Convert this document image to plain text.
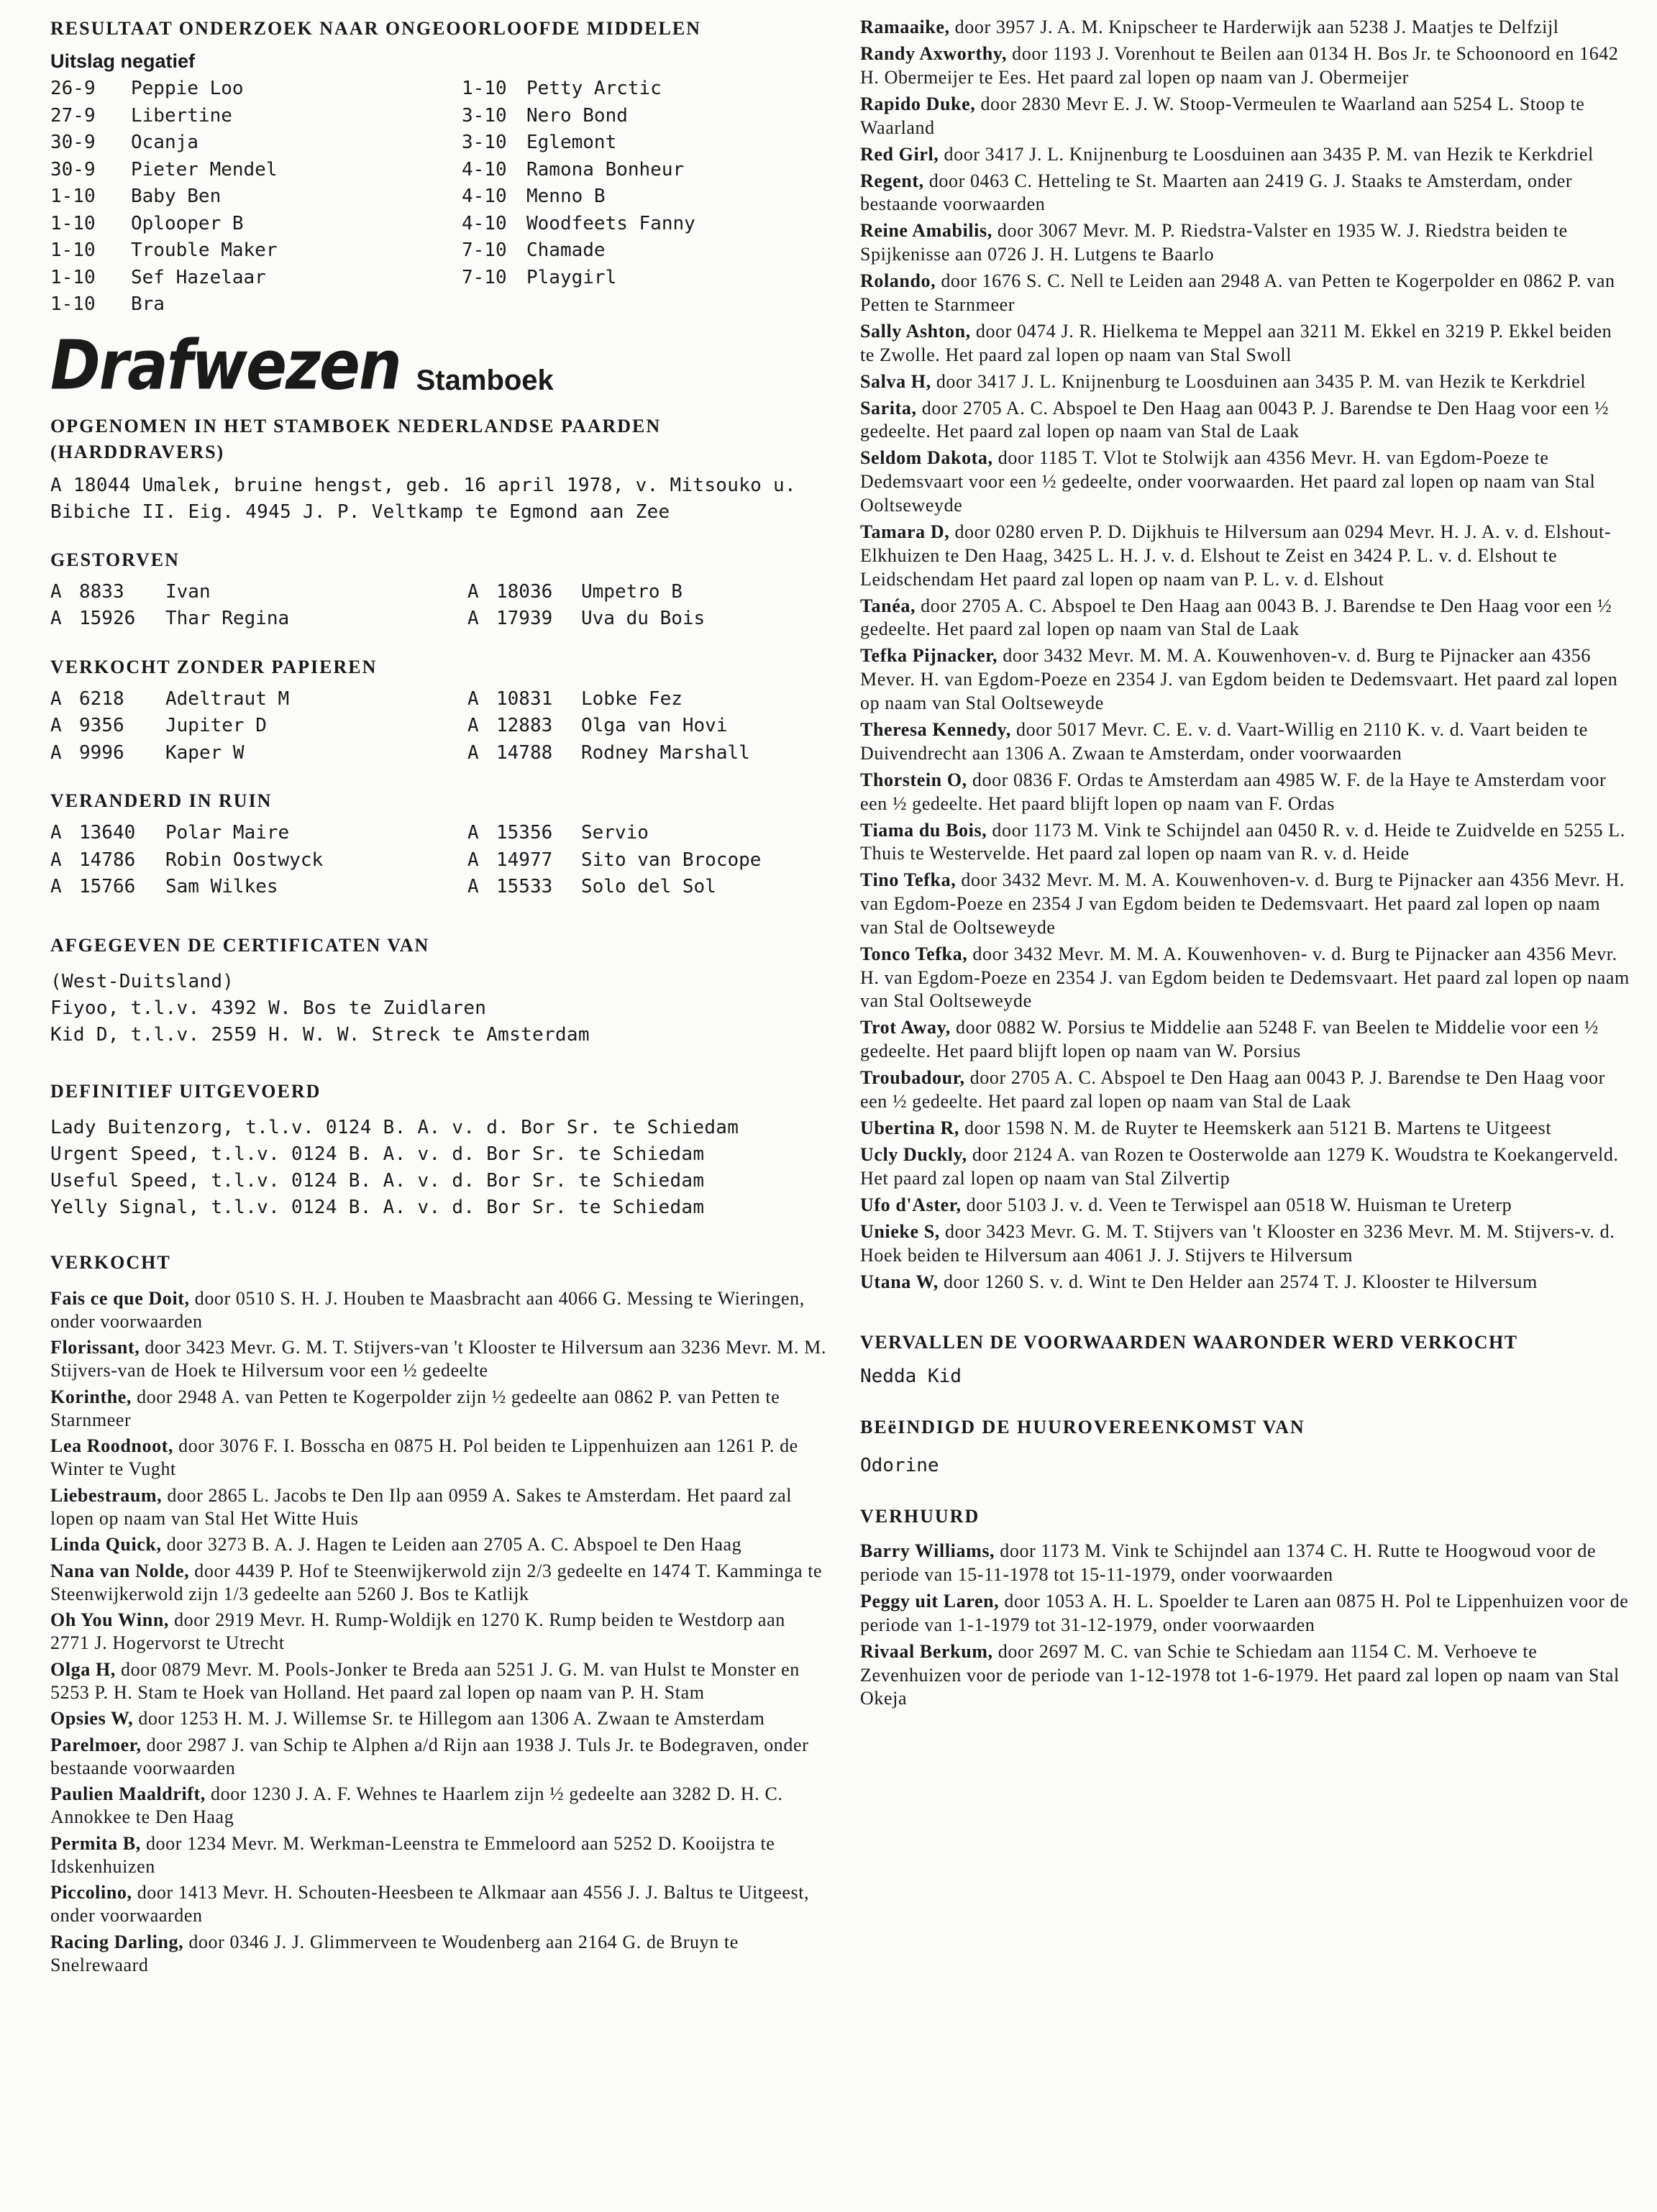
RESULTAAT ONDERZOEK NAAR ONGEOORLOOFDE MIDDELEN
Uitslag negatief
26-9	Peppie Loo	1-10	Petty Arctic
27-9	Libertine	3-10	Nero Bond
30-9	Ocanja	3-10	Eglemont
30-9	Pieter Mendel	4-10	Ramona Bonheur
1-10	Baby Ben	4-10	Menno B
1-10	Oplooper B	4-10	Woodfeets Fanny
1-10	Trouble Maker	7-10	Chamade
1-10	Sef Hazelaar	7-10	Playgirl
1-10	Bra		
Drafwezen Stamboek
OPGENOMEN IN HET STAMBOEK NEDERLANDSE PAARDEN (HARDDRAVERS)

A 18044 Umalek, bruine hengst, geb. 16 april 1978, v. Mitsouko u. Bibiche II. Eig. 4945 J. P. Veltkamp te Egmond aan Zee

GESTORVEN
A	8833	Ivan	A	18036	Umpetro B
A	15926	Thar Regina	A	17939	Uva du Bois
VERKOCHT ZONDER PAPIEREN
A	6218	Adeltraut M	A	10831	Lobke Fez
A	9356	Jupiter D	A	12883	Olga van Hovi
A	9996	Kaper W	A	14788	Rodney Marshall
VERANDERD IN RUIN
A	13640	Polar Maire	A	15356	Servio
A	14786	Robin Oostwyck	A	14977	Sito van Brocope
A	15766	Sam Wilkes	A	15533	Solo del Sol
AFGEGEVEN DE CERTIFICATEN VAN

(West-Duitsland)

Fiyoo, t.l.v. 4392 W. Bos te Zuidlaren

Kid D, t.l.v. 2559 H. W. W. Streck te Amsterdam

DEFINITIEF UITGEVOERD

Lady Buitenzorg, t.l.v. 0124 B. A. v. d. Bor Sr. te Schiedam

Urgent Speed, t.l.v. 0124 B. A. v. d. Bor Sr. te Schiedam

Useful Speed, t.l.v. 0124 B. A. v. d. Bor Sr. te Schiedam

Yelly Signal, t.l.v. 0124 B. A. v. d. Bor Sr. te Schiedam

VERKOCHT

Fais ce que Doit, door 0510 S. H. J. Houben te Maasbracht aan 4066 G. Messing te Wieringen, onder voorwaarden

Florissant, door 3423 Mevr. G. M. T. Stijvers-van 't Klooster te Hilversum aan 3236 Mevr. M. M. Stijvers-van de Hoek te Hilversum voor een ½ gedeelte

Korinthe, door 2948 A. van Petten te Kogerpolder zijn ½ gedeelte aan 0862 P. van Petten te Starnmeer

Lea Roodnoot, door 3076 F. I. Bosscha en 0875 H. Pol beiden te Lippenhuizen aan 1261 P. de Winter te Vught

Liebestraum, door 2865 L. Jacobs te Den Ilp aan 0959 A. Sakes te Amsterdam. Het paard zal lopen op naam van Stal Het Witte Huis

Linda Quick, door 3273 B. A. J. Hagen te Leiden aan 2705 A. C. Abspoel te Den Haag

Nana van Nolde, door 4439 P. Hof te Steenwijkerwold zijn 2/3 gedeelte en 1474 T. Kamminga te Steenwijkerwold zijn 1/3 gedeelte aan 5260 J. Bos te Katlijk

Oh You Winn, door 2919 Mevr. H. Rump-Woldijk en 1270 K. Rump beiden te Westdorp aan 2771 J. Hogervorst te Utrecht

Olga H, door 0879 Mevr. M. Pools-Jonker te Breda aan 5251 J. G. M. van Hulst te Monster en 5253 P. H. Stam te Hoek van Holland. Het paard zal lopen op naam van P. H. Stam

Opsies W, door 1253 H. M. J. Willemse Sr. te Hillegom aan 1306 A. Zwaan te Amsterdam

Parelmoer, door 2987 J. van Schip te Alphen a/d Rijn aan 1938 J. Tuls Jr. te Bodegraven, onder bestaande voorwaarden

Paulien Maaldrift, door 1230 J. A. F. Wehnes te Haarlem zijn ½ gedeelte aan 3282 D. H. C. Annokkee te Den Haag

Permita B, door 1234 Mevr. M. Werkman-Leenstra te Emmeloord aan 5252 D. Kooijstra te Idskenhuizen

Piccolino, door 1413 Mevr. H. Schouten-Heesbeen te Alkmaar aan 4556 J. J. Baltus te Uitgeest, onder voorwaarden

Racing Darling, door 0346 J. J. Glimmerveen te Woudenberg aan 2164 G. de Bruyn te Snelrewaard

Ramaaike, door 3957 J. A. M. Knipscheer te Harderwijk aan 5238 J. Maatjes te Delfzijl

Randy Axworthy, door 1193 J. Vorenhout te Beilen aan 0134 H. Bos Jr. te Schoonoord en 1642 H. Obermeijer te Ees. Het paard zal lopen op naam van J. Obermeijer

Rapido Duke, door 2830 Mevr E. J. W. Stoop-Vermeulen te Waarland aan 5254 L. Stoop te Waarland

Red Girl, door 3417 J. L. Knijnenburg te Loosduinen aan 3435 P. M. van Hezik te Kerkdriel

Regent, door 0463 C. Hetteling te St. Maarten aan 2419 G. J. Staaks te Amsterdam, onder bestaande voorwaarden

Reine Amabilis, door 3067 Mevr. M. P. Riedstra-Valster en 1935 W. J. Riedstra beiden te Spijkenisse aan 0726 J. H. Lutgens te Baarlo

Rolando, door 1676 S. C. Nell te Leiden aan 2948 A. van Petten te Kogerpolder en 0862 P. van Petten te Starnmeer

Sally Ashton, door 0474 J. R. Hielkema te Meppel aan 3211 M. Ekkel en 3219 P. Ekkel beiden te Zwolle. Het paard zal lopen op naam van Stal Swoll

Salva H, door 3417 J. L. Knijnenburg te Loosduinen aan 3435 P. M. van Hezik te Kerkdriel

Sarita, door 2705 A. C. Abspoel te Den Haag aan 0043 P. J. Barendse te Den Haag voor een ½ gedeelte. Het paard zal lopen op naam van Stal de Laak

Seldom Dakota, door 1185 T. Vlot te Stolwijk aan 4356 Mevr. H. van Egdom-Poeze te Dedemsvaart voor een ½ gedeelte, onder voorwaarden. Het paard zal lopen op naam van Stal Ooltseweyde

Tamara D, door 0280 erven P. D. Dijkhuis te Hilversum aan 0294 Mevr. H. J. A. v. d. Elshout-Elkhuizen te Den Haag, 3425 L. H. J. v. d. Elshout te Zeist en 3424 P. L. v. d. Elshout te Leidschendam Het paard zal lopen op naam van P. L. v. d. Elshout

Tanéa, door 2705 A. C. Abspoel te Den Haag aan 0043 B. J. Barendse te Den Haag voor een ½ gedeelte. Het paard zal lopen op naam van Stal de Laak

Tefka Pijnacker, door 3432 Mevr. M. M. A. Kouwenhoven-v. d. Burg te Pijnacker aan 4356 Mever. H. van Egdom-Poeze en 2354 J. van Egdom beiden te Dedemsvaart. Het paard zal lopen op naam van Stal Ooltseweyde

Theresa Kennedy, door 5017 Mevr. C. E. v. d. Vaart-Willig en 2110 K. v. d. Vaart beiden te Duivendrecht aan 1306 A. Zwaan te Amsterdam, onder voorwaarden

Thorstein O, door 0836 F. Ordas te Amsterdam aan 4985 W. F. de la Haye te Amsterdam voor een ½ gedeelte. Het paard blijft lopen op naam van F. Ordas

Tiama du Bois, door 1173 M. Vink te Schijndel aan 0450 R. v. d. Heide te Zuidvelde en 5255 L. Thuis te Westervelde. Het paard zal lopen op naam van R. v. d. Heide

Tino Tefka, door 3432 Mevr. M. M. A. Kouwenhoven-v. d. Burg te Pijnacker aan 4356 Mevr. H. van Egdom-Poeze en 2354 J van Egdom beiden te Dedemsvaart. Het paard zal lopen op naam van Stal de Ooltseweyde

Tonco Tefka, door 3432 Mevr. M. M. A. Kouwenhoven- v. d. Burg te Pijnacker aan 4356 Mevr. H. van Egdom-Poeze en 2354 J. van Egdom beiden te Dedemsvaart. Het paard zal lopen op naam van Stal Ooltseweyde

Trot Away, door 0882 W. Porsius te Middelie aan 5248 F. van Beelen te Middelie voor een ½ gedeelte. Het paard blijft lopen op naam van W. Porsius

Troubadour, door 2705 A. C. Abspoel te Den Haag aan 0043 P. J. Barendse te Den Haag voor een ½ gedeelte. Het paard zal lopen op naam van Stal de Laak

Ubertina R, door 1598 N. M. de Ruyter te Heemskerk aan 5121 B. Martens te Uitgeest

Ucly Duckly, door 2124 A. van Rozen te Oosterwolde aan 1279 K. Woudstra te Koekangerveld. Het paard zal lopen op naam van Stal Zilvertip

Ufo d'Aster, door 5103 J. v. d. Veen te Terwispel aan 0518 W. Huisman te Ureterp

Unieke S, door 3423 Mevr. G. M. T. Stijvers van 't Klooster en 3236 Mevr. M. M. Stijvers-v. d. Hoek beiden te Hilversum aan 4061 J. J. Stijvers te Hilversum

Utana W, door 1260 S. v. d. Wint te Den Helder aan 2574 T. J. Klooster te Hilversum

VERVALLEN DE VOORWAARDEN WAARONDER WERD VERKOCHT

Nedda Kid

BEëINDIGD DE HUUROVEREENKOMST VAN

Odorine

VERHUURD

Barry Williams, door 1173 M. Vink te Schijndel aan 1374 C. H. Rutte te Hoogwoud voor de periode van 15-11-1978 tot 15-11-1979, onder voorwaarden

Peggy uit Laren, door 1053 A. H. L. Spoelder te Laren aan 0875 H. Pol te Lippenhuizen voor de periode van 1-1-1979 tot 31-12-1979, onder voorwaarden

Rivaal Berkum, door 2697 M. C. van Schie te Schiedam aan 1154 C. M. Verhoeve te Zevenhuizen voor de periode van 1-12-1978 tot 1-6-1979. Het paard zal lopen op naam van Stal Okeja
